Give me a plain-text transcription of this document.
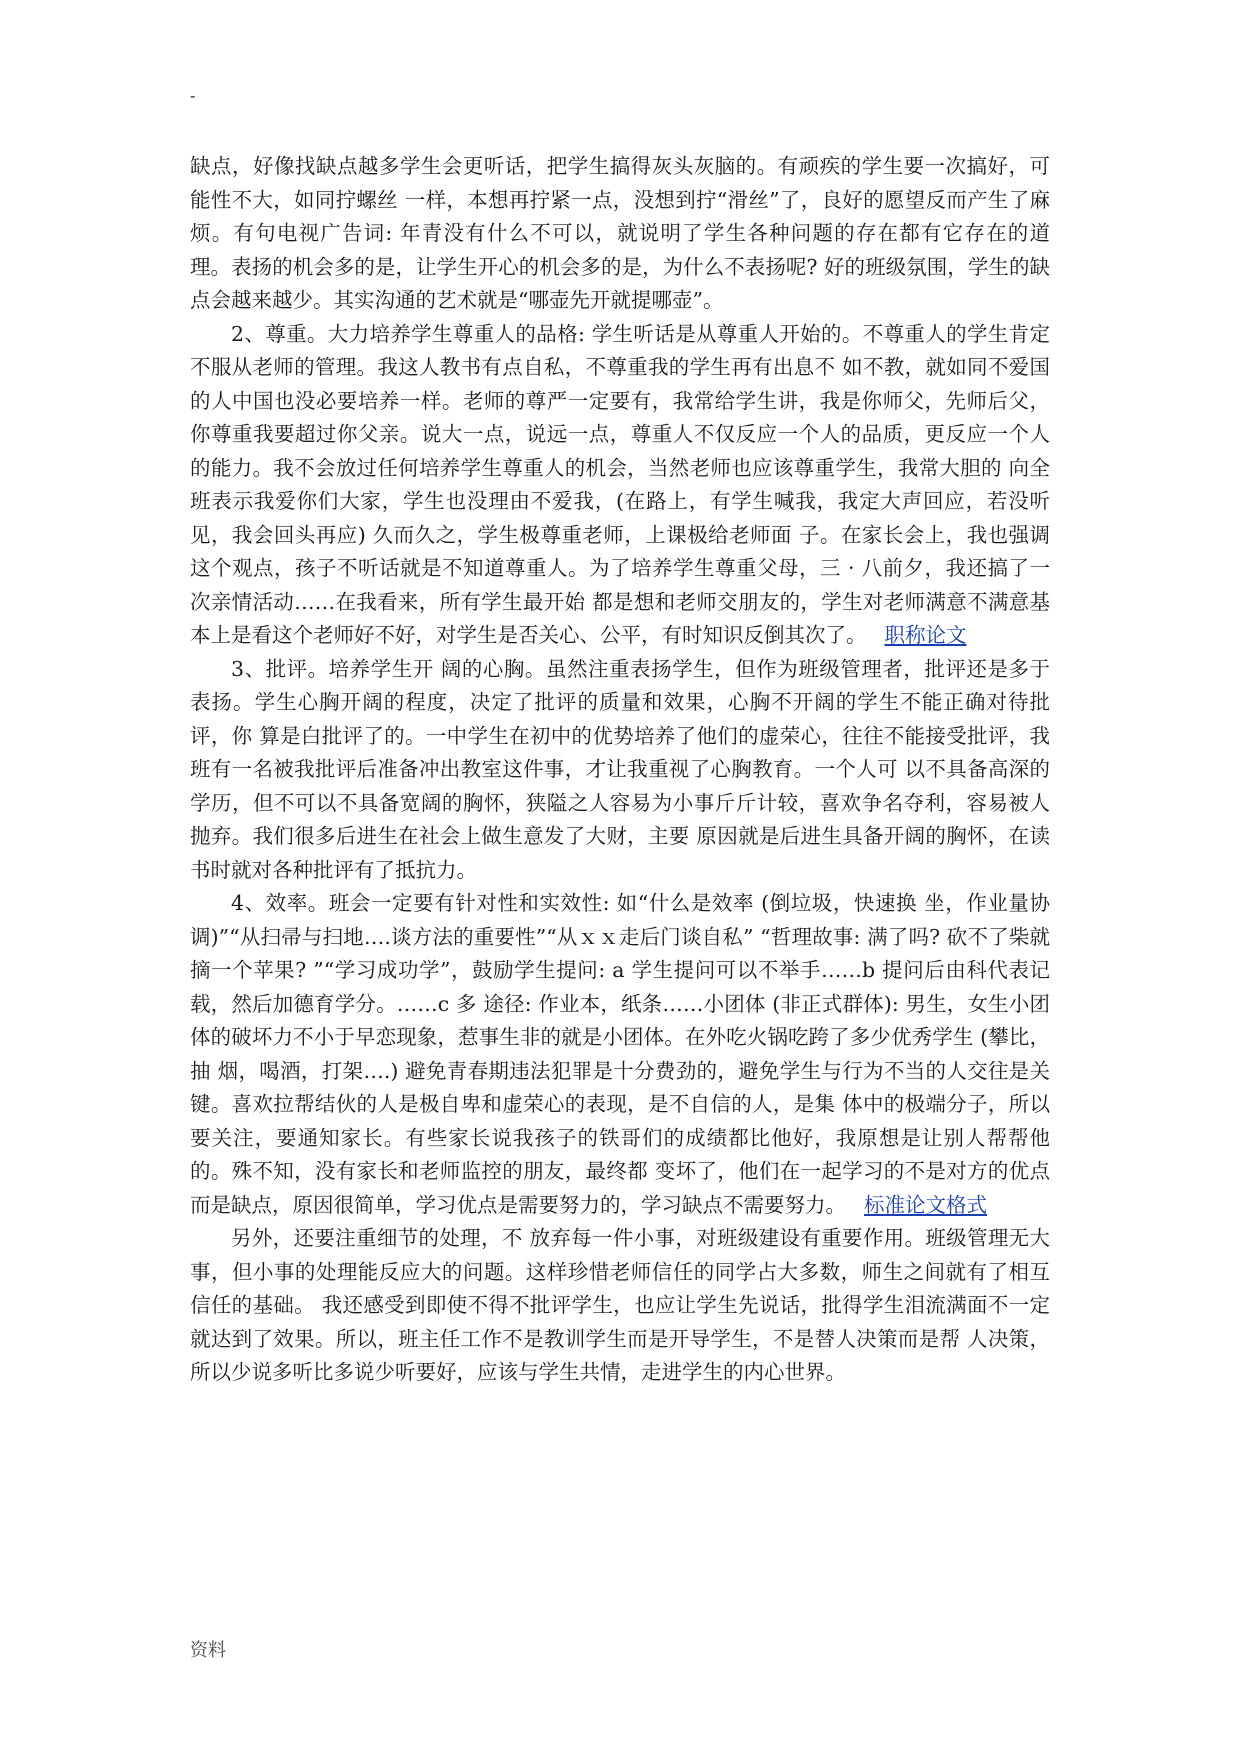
-

缺点，好像找缺点越多学生会更听话，把学生搞得灰头灰脑的。有顽疾的学生要一次搞好，可能性不大，如同拧螺丝 一样，本想再拧紧一点，没想到拧“滑丝”了，良好的愿望反而产生了麻烦。有句电视广告词: 年青没有什么不可以，就说明了学生各种问题的存在都有它存在的道 理。表扬的机会多的是，让学生开心的机会多的是，为什么不表扬呢? 好的班级氛围，学生的缺点会越来越少。其实沟通的艺术就是“哪壶先开就提哪壶”。

2、尊重。大力培养学生尊重人的品格: 学生听话是从尊重人开始的。不尊重人的学生肯定不服从老师的管理。我这人教书有点自私，不尊重我的学生再有出息不 如不教，就如同不爱国的人中国也没必要培养一样。老师的尊严一定要有，我常给学生讲，我是你师父，先师后父，你尊重我要超过你父亲。说大一点，说远一点，尊重人不仅反应一个人的品质，更反应一个人的能力。我不会放过任何培养学生尊重人的机会，当然老师也应该尊重学生，我常大胆的 向全班表示我爱你们大家，学生也没理由不爱我，(在路上，有学生喊我，我定大声回应，若没听见，我会回头再应) 久而久之，学生极尊重老师，上课极给老师面 子。在家长会上，我也强调这个观点，孩子不听话就是不知道尊重人。为了培养学生尊重父母，三 · 八前夕，我还搞了一次亲情活动……在我看来，所有学生最开始 都是想和老师交朋友的，学生对老师满意不满意基本上是看这个老师好不好，对学生是否关心、公平，有时知识反倒其次了。 职称论文

3、批评。培养学生开 阔的心胸。虽然注重表扬学生，但作为班级管理者，批评还是多于表扬。学生心胸开阔的程度，决定了批评的质量和效果，心胸不开阔的学生不能正确对待批评，你 算是白批评了的。一中学生在初中的优势培养了他们的虚荣心，往往不能接受批评，我班有一名被我批评后准备冲出教室这件事，才让我重视了心胸教育。一个人可 以不具备高深的学历，但不可以不具备宽阔的胸怀，狭隘之人容易为小事斤斤计较，喜欢争名夺利，容易被人抛弃。我们很多后进生在社会上做生意发了大财，主要 原因就是后进生具备开阔的胸怀，在读书时就对各种批评有了抵抗力。

4、效率。班会一定要有针对性和实效性: 如“什么是效率 (倒垃圾，快速换 坐，作业量协调)”“从扫帚与扫地….谈方法的重要性”“从ｘｘ走后门谈自私” “哲理故事: 满了吗? 砍不了柴就摘一个苹果? ”“学习成功学”，鼓励学生提问: a 学生提问可以不举手……b 提问后由科代表记载，然后加德育学分。……c 多 途径: 作业本，纸条……小团体 (非正式群体): 男生，女生小团体的破坏力不小于早恋现象，惹事生非的就是小团体。在外吃火锅吃跨了多少优秀学生 (攀比，抽 烟，喝酒，打架….) 避免青春期违法犯罪是十分费劲的，避免学生与行为不当的人交往是关键。喜欢拉帮结伙的人是极自卑和虚荣心的表现，是不自信的人，是集 体中的极端分子，所以要关注，要通知家长。有些家长说我孩子的铁哥们的成绩都比他好，我原想是让别人帮帮他的。殊不知，没有家长和老师监控的朋友，最终都 变坏了，他们在一起学习的不是对方的优点而是缺点，原因很简单，学习优点是需要努力的，学习缺点不需要努力。 标准论文格式

另外，还要注重细节的处理，不 放弃每一件小事，对班级建设有重要作用。班级管理无大事，但小事的处理能反应大的问题。这样珍惜老师信任的同学占大多数，师生之间就有了相互信任的基础。 我还感受到即使不得不批评学生，也应让学生先说话，批得学生泪流满面不一定就达到了效果。所以，班主任工作不是教训学生而是开导学生，不是替人决策而是帮 人决策，所以少说多听比多说少听要好，应该与学生共情，走进学生的内心世界。

资料
